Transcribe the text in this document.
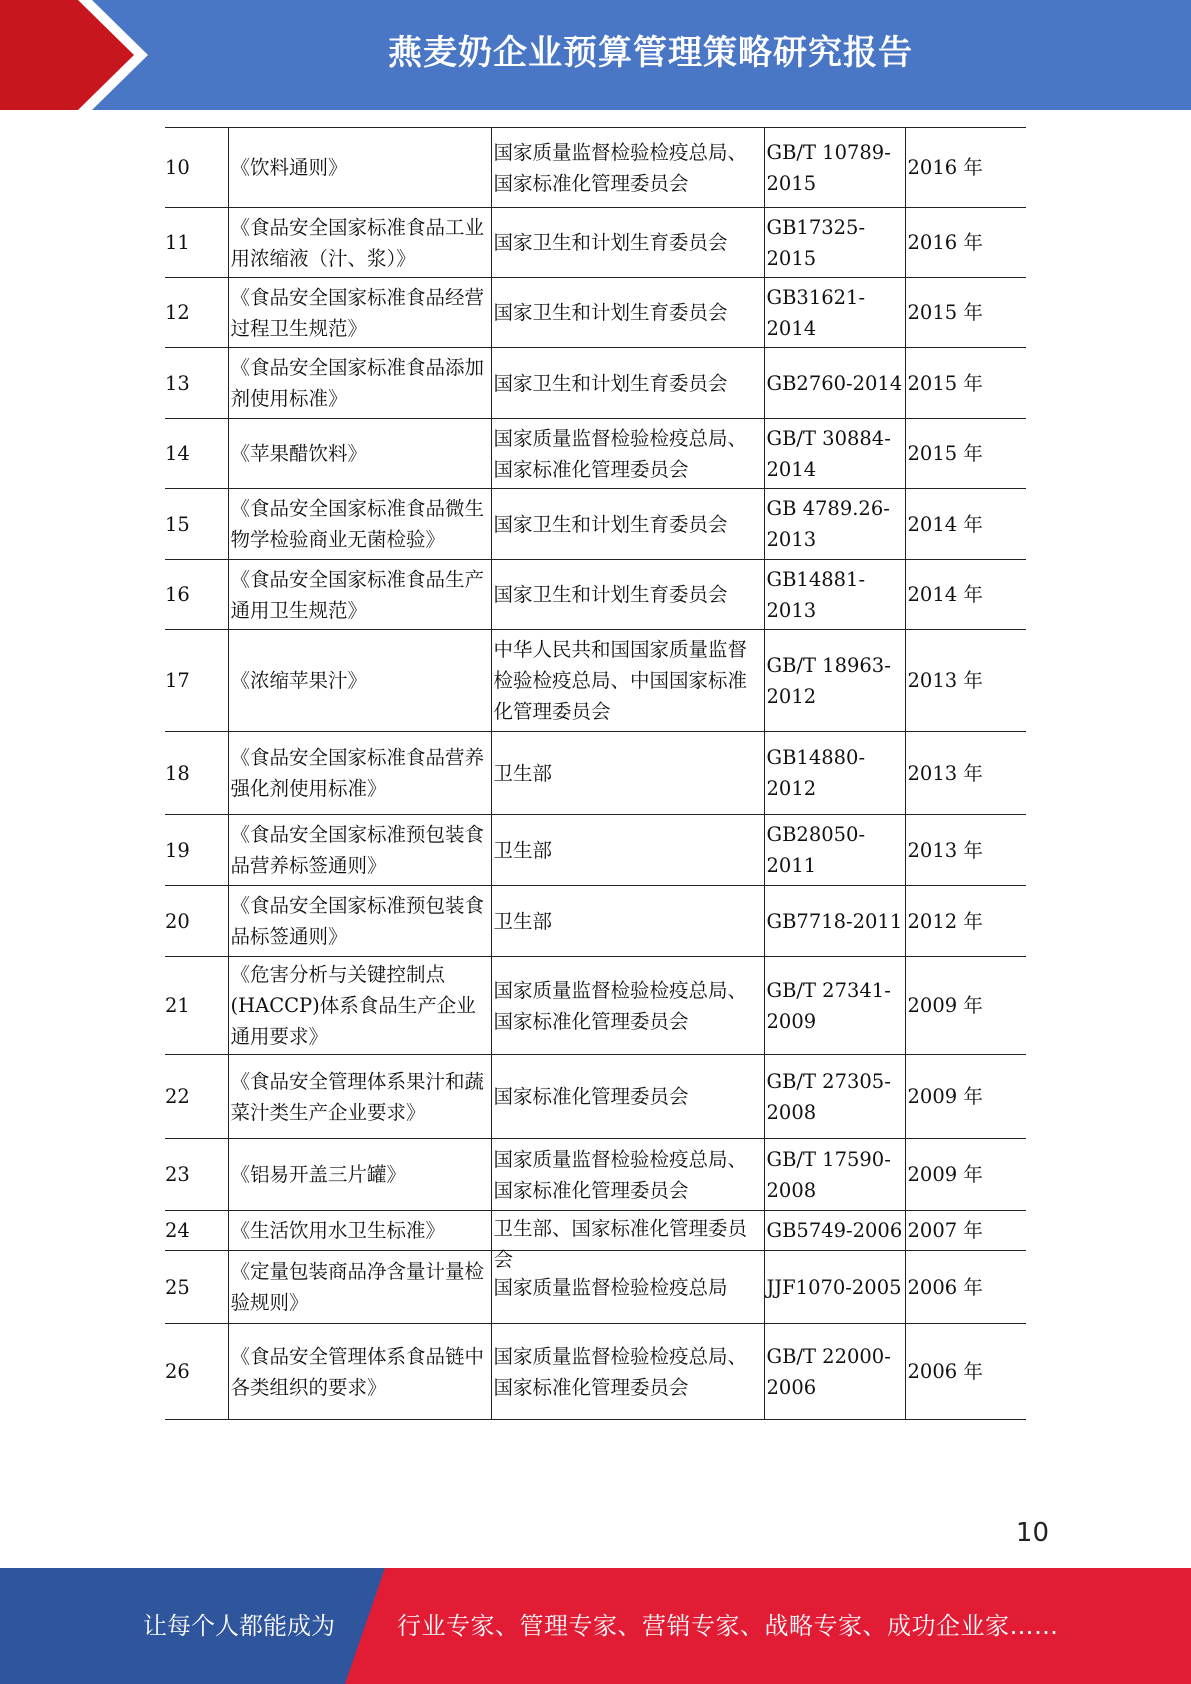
燕麦奶企业预算管理策略研究报告
10	《饮料通则》	国家质量监督检验检疫总局、国家标准化管理委员会	GB/T 10789-2015	2016 年
11	《食品安全国家标准食品工业用浓缩液（汁、浆）》	国家卫生和计划生育委员会	GB17325-2015	2016 年
12	《食品安全国家标准食品经营过程卫生规范》	国家卫生和计划生育委员会	GB31621-2014	2015 年
13	《食品安全国家标准食品添加剂使用标准》	国家卫生和计划生育委员会	GB2760-2014	2015 年
14	《苹果醋饮料》	国家质量监督检验检疫总局、国家标准化管理委员会	GB/T 30884-2014	2015 年
15	《食品安全国家标准食品微生物学检验商业无菌检验》	国家卫生和计划生育委员会	GB 4789.26-2013	2014 年
16	《食品安全国家标准食品生产通用卫生规范》	国家卫生和计划生育委员会	GB14881-2013	2014 年
17	《浓缩苹果汁》	中华人民共和国国家质量监督检验检疫总局、中国国家标准化管理委员会	GB/T 18963-2012	2013 年
18	《食品安全国家标准食品营养强化剂使用标准》	卫生部	GB14880-2012	2013 年
19	《食品安全国家标准预包装食品营养标签通则》	卫生部	GB28050-2011	2013 年
20	《食品安全国家标准预包装食品标签通则》	卫生部	GB7718-2011	2012 年
21	《危害分析与关键控制点(HACCP)体系食品生产企业通用要求》	国家质量监督检验检疫总局、国家标准化管理委员会	GB/T 27341-2009	2009 年
22	《食品安全管理体系果汁和蔬菜汁类生产企业要求》	国家标准化管理委员会	GB/T 27305-2008	2009 年
23	《铝易开盖三片罐》	国家质量监督检验检疫总局、国家标准化管理委员会	GB/T 17590-2008	2009 年
24	《生活饮用水卫生标准》	卫生部、国家标准化管理委员会	GB5749-2006	2007 年
25	《定量包装商品净含量计量检验规则》	国家质量监督检验检疫总局	JJF1070-2005	2006 年
26	《食品安全管理体系食品链中各类组织的要求》	国家质量监督检验检疫总局、国家标准化管理委员会	GB/T 22000-2006	2006 年
10
让每个人都能成为	行业专家、管理专家、营销专家、战略专家、成功企业家……
